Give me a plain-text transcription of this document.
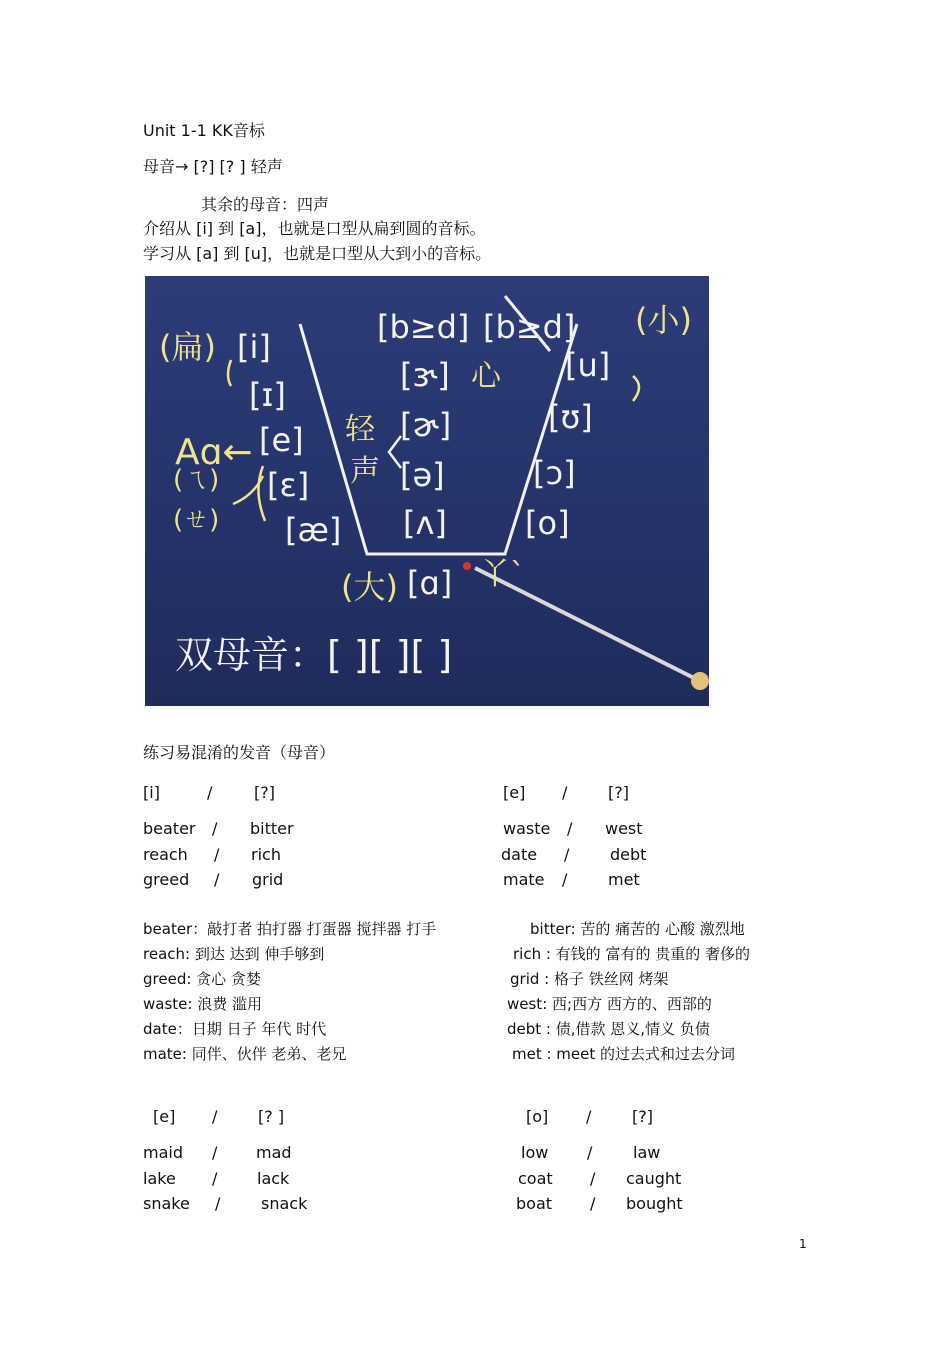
Unit 1-1 KK音标
母音→ [?] [? ] 轻声
其余的母音：四声
介绍从 [i] 到 [a]，也就是口型从扁到圆的音标。
学习从 [a] 到 [u]，也就是口型从大到小的音标。
(扁)
(小)
(大)
Aɑ←
(ㄟ)
(ㄝ)
轻
声
心
丫`
[b≥d] [b≥d]
[i]
[ɪ]
[e]
[ɛ]
[æ]
[ɝ]
[ɚ]
[ə]
[ʌ]
[u]
[ʊ]
[ɔ]
[o]
[ɑ]
双母音：[ ][ ][ ]
练习易混淆的发音（母音）
[i]	/	[?]	[e] /	[?]
beater / bitter
reach / rich
greed / grid
waste / west
date /	debt
mate /	met
beater：敲打者 拍打器 打蛋器 搅拌器 打手	bitter: 苦的 痛苦的 心酸 激烈地
reach: 到达 达到 伸手够到	rich : 有钱的 富有的 贵重的 奢侈的
greed: 贪心 贪婪	grid : 格子 铁丝网 烤架
waste: 浪费 滥用	west: 西;西方 西方的、西部的
date：日期 日子 年代 时代	debt : 债,借款 恩义,情义 负债
mate: 同伴、伙伴 老弟、老兄	met : meet 的过去式和过去分词
[e] /	[? ]	[o] /	[?]
maid / mad
lake / lack
snake /	snack
low /	law
coat / caught
boat / bought
1
